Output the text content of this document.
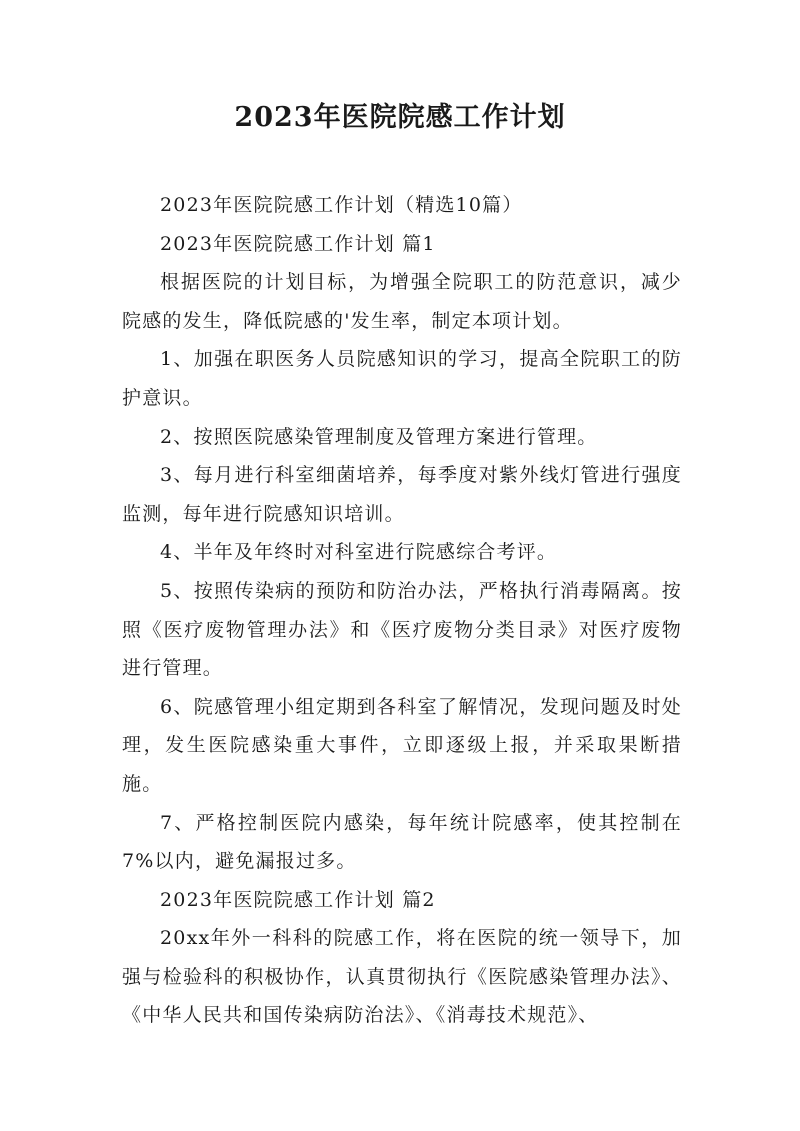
2023年医院院感工作计划

2023年医院院感工作计划（精选10篇）

2023年医院院感工作计划 篇1

根据医院的计划目标，为增强全院职工的防范意识，减少院感的发生，降低院感的'发生率，制定本项计划。

1、加强在职医务人员院感知识的学习，提高全院职工的防护意识。

2、按照医院感染管理制度及管理方案进行管理。

3、每月进行科室细菌培养，每季度对紫外线灯管进行强度监测，每年进行院感知识培训。

4、半年及年终时对科室进行院感综合考评。

5、按照传染病的预防和防治办法，严格执行消毒隔离。按照《医疗废物管理办法》和《医疗废物分类目录》对医疗废物进行管理。

6、院感管理小组定期到各科室了解情况，发现问题及时处理，发生医院感染重大事件，立即逐级上报，并采取果断措施。

7、严格控制医院内感染，每年统计院感率，使其控制在7%以内，避免漏报过多。

2023年医院院感工作计划 篇2

20xx年外一科科的院感工作，将在医院的统一领导下，加强与检验科的积极协作，认真贯彻执行《医院感染管理办法》、《中华人民共和国传染病防治法》、《消毒技术规范》、
